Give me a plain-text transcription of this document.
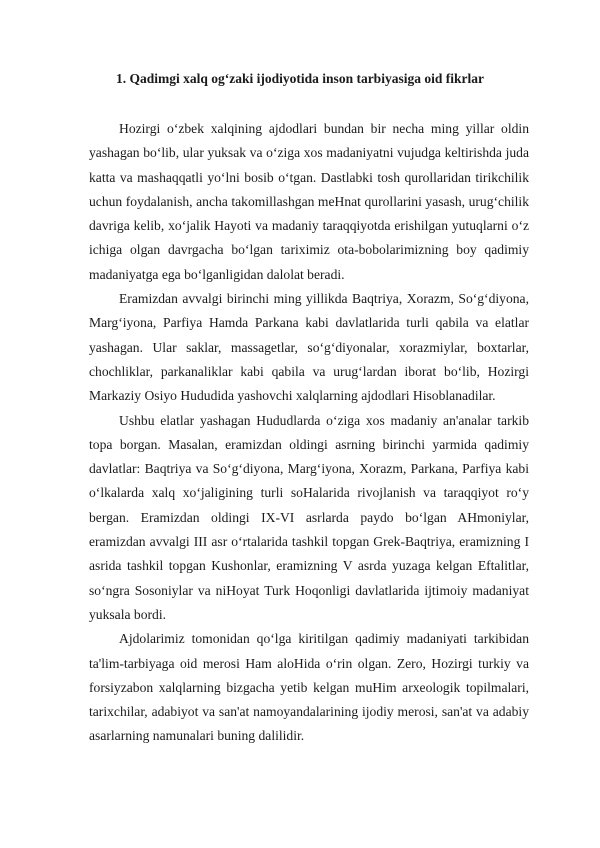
1. Qadimgi xalq og‘zaki ijodiyotida inson tarbiyasiga oid fikrlar

Hozirgi o‘zbek xalqining ajdodlari bundan bir necha ming yillar oldin yashagan bo‘lib, ular yuksak va o‘ziga xos madaniyatni vujudga keltirishda juda katta va mashaqqatli yo‘lni bosib o‘tgan. Dastlabki tosh qurollaridan tirikchilik uchun foydalanish, ancha takomillashgan meHnat qurollarini yasash, urug‘chilik davriga kelib, xo‘jalik Hayoti va madaniy taraqqiyotda erishilgan yutuqlarni o‘z ichiga olgan davrgacha bo‘lgan tariximiz ota-bobolarimizning boy qadimiy madaniyatga ega bo‘lganligidan dalolat beradi.

Eramizdan avvalgi birinchi ming yillikda Baqtriya, Xorazm, So‘g‘diyona, Marg‘iyona, Parfiya Hamda Parkana kabi davlatlarida turli qabila va elatlar yashagan. Ular saklar, massagetlar, so‘g‘diyonalar, xorazmiylar, boxtarlar, chochliklar, parkanaliklar kabi qabila va urug‘lardan iborat bo‘lib, Hozirgi Markaziy Osiyo Hududida yashovchi xalqlarning ajdodlari Hisoblanadilar.

Ushbu elatlar yashagan Hududlarda o‘ziga xos madaniy an'analar tarkib topa borgan. Masalan, eramizdan oldingi asrning birinchi yarmida qadimiy davlatlar: Baqtriya va So‘g‘diyona, Marg‘iyona, Xorazm, Parkana, Parfiya kabi o‘lkalarda xalq xo‘jaligining turli soHalarida rivojlanish va taraqqiyot ro‘y bergan. Eramizdan oldingi IX-VI asrlarda paydo bo‘lgan AHmoniylar, eramizdan avvalgi III asr o‘rtalarida tashkil topgan Grek-Baqtriya, eramizning I asrida tashkil topgan Kushonlar, eramizning V asrda yuzaga kelgan Eftalitlar, so‘ngra Sosoniylar va niHoyat Turk Hoqonligi davlatlarida ijtimoiy madaniyat yuksala bordi.

Ajdolarimiz tomonidan qo‘lga kiritilgan qadimiy madaniyati tarkibidan ta'lim-tarbiyaga oid merosi Ham aloHida o‘rin olgan. Zero, Hozirgi turkiy va forsiyzabon xalqlarning bizgacha yetib kelgan muHim arxeologik topilmalari, tarixchilar, adabiyot va san'at namoyandalarining ijodiy merosi, san'at va adabiy asarlarning namunalari buning dalilidir.
